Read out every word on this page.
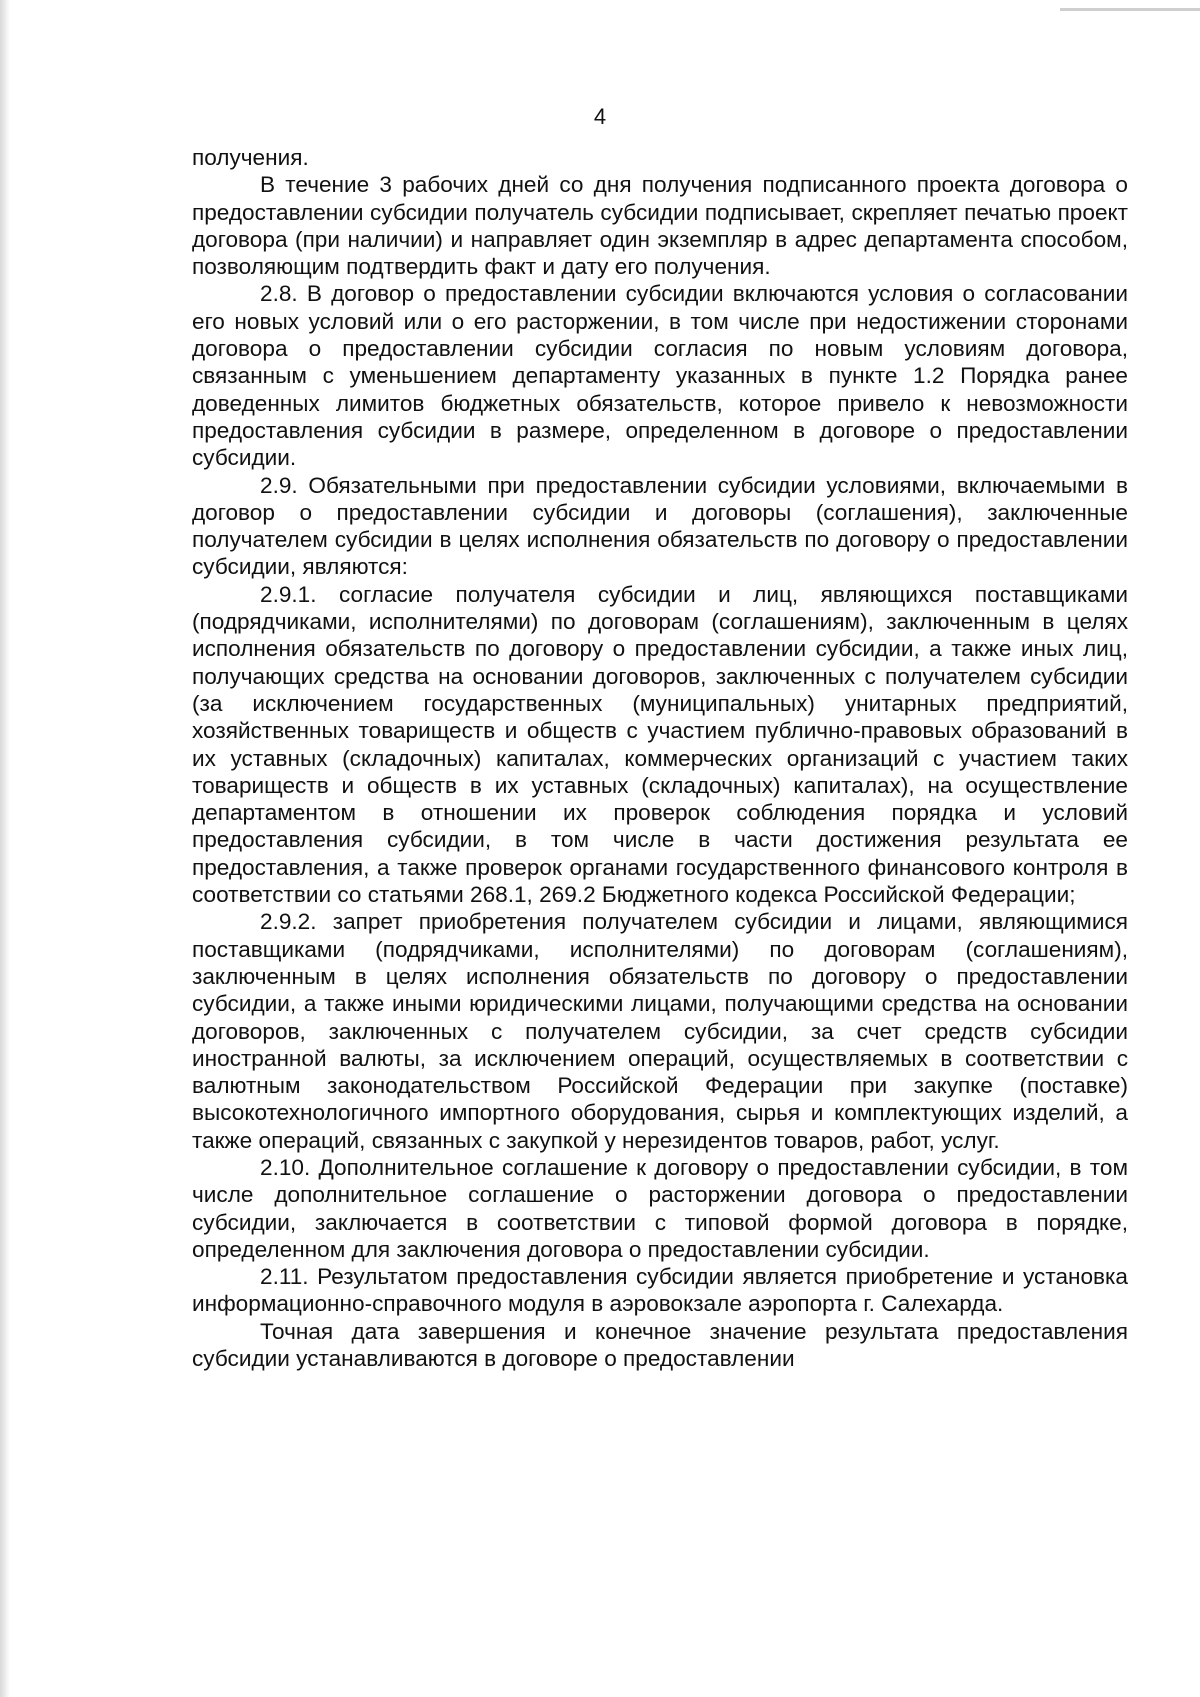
4

получения.

В течение 3 рабочих дней со дня получения подписанного проекта договора о предоставлении субсидии получатель субсидии подписывает, скрепляет печатью проект договора (при наличии) и направляет один экземпляр в адрес департамента способом, позволяющим подтвердить факт и дату его получения.

2.8. В договор о предоставлении субсидии включаются условия о согласовании его новых условий или о его расторжении, в том числе при недостижении сторонами договора о предоставлении субсидии согласия по новым условиям договора, связанным с уменьшением департаменту указанных в пункте 1.2 Порядка ранее доведенных лимитов бюджетных обязательств, которое привело к невозможности предоставления субсидии в размере, определенном в договоре о предоставлении субсидии.

2.9. Обязательными при предоставлении субсидии условиями, включаемыми в договор о предоставлении субсидии и договоры (соглашения), заключенные получателем субсидии в целях исполнения обязательств по договору о предоставлении субсидии, являются:

2.9.1. согласие получателя субсидии и лиц, являющихся поставщиками (подрядчиками, исполнителями) по договорам (соглашениям), заключенным в целях исполнения обязательств по договору о предоставлении субсидии, а также иных лиц, получающих средства на основании договоров, заключенных с получателем субсидии (за исключением государственных (муниципальных) унитарных предприятий, хозяйственных товариществ и обществ с участием публично-правовых образований в их уставных (складочных) капиталах, коммерческих организаций с участием таких товариществ и обществ в их уставных (складочных) капиталах), на осуществление департаментом в отношении их проверок соблюдения порядка и условий предоставления субсидии, в том числе в части достижения результата ее предоставления, а также проверок органами государственного финансового контроля в соответствии со статьями 268.1, 269.2 Бюджетного кодекса Российской Федерации;

2.9.2. запрет приобретения получателем субсидии и лицами, являющимися поставщиками (подрядчиками, исполнителями) по договорам (соглашениям), заключенным в целях исполнения обязательств по договору о предоставлении субсидии, а также иными юридическими лицами, получающими средства на основании договоров, заключенных с получателем субсидии, за счет средств субсидии иностранной валюты, за исключением операций, осуществляемых в соответствии с валютным законодательством Российской Федерации при закупке (поставке) высокотехнологичного импортного оборудования, сырья и комплектующих изделий, а также операций, связанных с закупкой у нерезидентов товаров, работ, услуг.

2.10. Дополнительное соглашение к договору о предоставлении субсидии, в том числе дополнительное соглашение о расторжении договора о предоставлении субсидии, заключается в соответствии с типовой формой договора в порядке, определенном для заключения договора о предоставлении субсидии.

2.11. Результатом предоставления субсидии является приобретение и установка информационно-справочного модуля в аэровокзале аэропорта г. Салехарда.

Точная дата завершения и конечное значение результата предоставления субсидии устанавливаются в договоре о предоставлении
